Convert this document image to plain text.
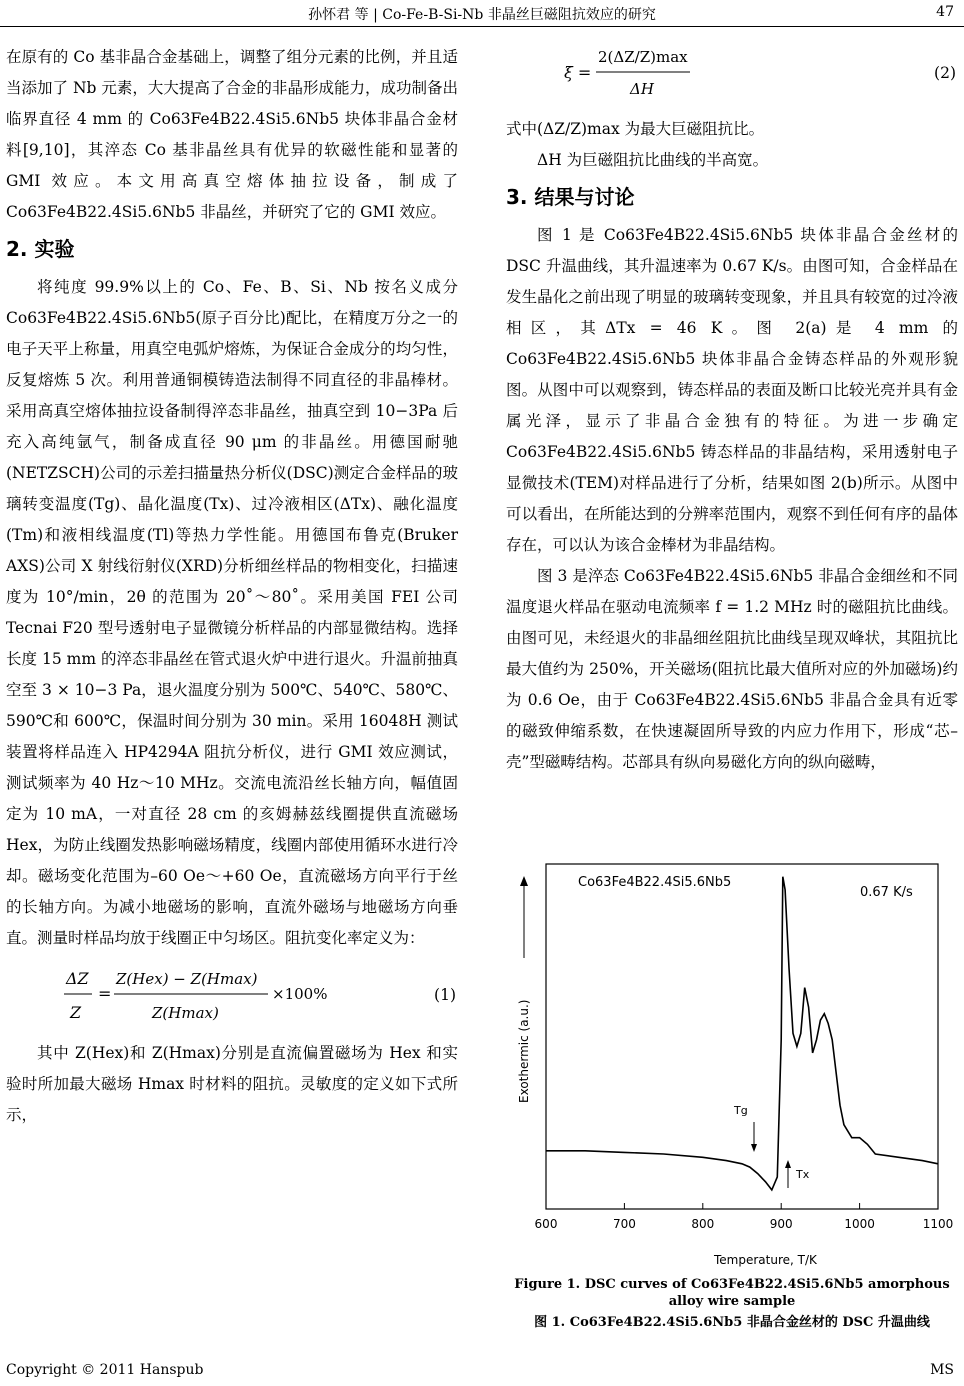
孙怀君 等 | Co-Fe-B-Si-Nb 非晶丝巨磁阻抗效应的研究	47

在原有的 Co 基非晶合金基础上，调整了组分元素的比例，并且适当添加了 Nb 元素，大大提高了合金的非晶形成能力，成功制备出临界直径 4 mm 的 Co63Fe4B22.4Si5.6Nb5 块体非晶合金材料[9,10]，其淬态 Co 基非晶丝具有优异的软磁性能和显著的 GMI 效应。本文用高真空熔体抽拉设备，制成了 Co63Fe4B22.4Si5.6Nb5 非晶丝，并研究了它的 GMI 效应。

2. 实验

将纯度 99.9%以上的 Co、Fe、B、Si、Nb 按名义成分 Co63Fe4B22.4Si5.6Nb5(原子百分比)配比，在精度万分之一的电子天平上称量，用真空电弧炉熔炼，为保证合金成分的均匀性，反复熔炼 5 次。利用普通铜模铸造法制得不同直径的非晶棒材。采用高真空熔体抽拉设备制得淬态非晶丝，抽真空到 10−3Pa 后充入高纯氩气，制备成直径 90 μm 的非晶丝。用德国耐驰(NETZSCH)公司的示差扫描量热分析仪(DSC)测定合金样品的玻璃转变温度(Tg)、晶化温度(Tx)、过冷液相区(ΔTx)、融化温度(Tm)和液相线温度(Tl)等热力学性能。用德国布鲁克(Bruker AXS)公司 X 射线衍射仪(XRD)分析细丝样品的物相变化，扫描速度为 10°/min，2θ 的范围为 20˚～80˚。采用美国 FEI 公司 Tecnai F20 型号透射电子显微镜分析样品的内部显微结构。选择长度 15 mm 的淬态非晶丝在管式退火炉中进行退火。升温前抽真空至 3 × 10−3 Pa，退火温度分别为 500℃、540℃、580℃、590℃和 600℃，保温时间分别为 30 min。采用 16048H 测试装置将样品连入 HP4294A 阻抗分析仪，进行 GMI 效应测试，测试频率为 40 Hz～10 MHz。交流电流沿丝长轴方向，幅值固定为 10 mA，一对直径 28 cm 的亥姆赫兹线圈提供直流磁场 Hex，为防止线圈发热影响磁场精度，线圈内部使用循环水进行冷却。磁场变化范围为–60 Oe～+60 Oe，直流磁场方向平行于丝的长轴方向。为减小地磁场的影响，直流外磁场与地磁场方向垂直。测量时样品均放于线圈正中匀场区。阻抗变化率定义为：

ΔZ
Z
=
Z(Hex) − Z(Hmax)
Z(Hmax)
×100%	(1)

其中 Z(Hex)和 Z(Hmax)分别是直流偏置磁场为 Hex 和实验时所加最大磁场 Hmax 时材料的阻抗。灵敏度的定义如下式所示，

ξ =
2(ΔZ/Z)max
ΔH
(2)

式中(ΔZ/Z)max 为最大巨磁阻抗比。

ΔH 为巨磁阻抗比曲线的半高宽。

3. 结果与讨论

图 1 是 Co63Fe4B22.4Si5.6Nb5 块体非晶合金丝材的 DSC 升温曲线，其升温速率为 0.67 K/s。由图可知，合金样品在发生晶化之前出现了明显的玻璃转变现象，并且具有较宽的过冷液相区，其ΔTx = 46 K。图 2(a)是 4 mm 的 Co63Fe4B22.4Si5.6Nb5 块体非晶合金铸态样品的外观形貌图。从图中可以观察到，铸态样品的表面及断口比较光亮并具有金属光泽，显示了非晶合金独有的特征。为进一步确定 Co63Fe4B22.4Si5.6Nb5 铸态样品的非晶结构，采用透射电子显微技术(TEM)对样品进行了分析，结果如图 2(b)所示。从图中可以看出，在所能达到的分辨率范围内，观察不到任何有序的晶体存在，可以认为该合金棒材为非晶结构。

图 3 是淬态 Co63Fe4B22.4Si5.6Nb5 非晶合金细丝和不同温度退火样品在驱动电流频率 f = 1.2 MHz 时的磁阻抗比曲线。由图可见，未经退火的非晶细丝阻抗比曲线呈现双峰状，其阻抗比最大值约为 250%，开关磁场(阻抗比最大值所对应的外加磁场)约为 0.6 Oe，由于 Co63Fe4B22.4Si5.6Nb5 非晶合金具有近零的磁致伸缩系数，在快速凝固所导致的内应力作用下，形成“芯–壳”型磁畴结构。芯部具有纵向易磁化方向的纵向磁畴，

600	700	800	900	1000	1100
Co63Fe4B22.4Si5.6Nb5
0.67 K/s
Exothermic (a.u.)
Temperature, T/K
Tg
Tx
Figure 1. DSC curves of Co63Fe4B22.4Si5.6Nb5 amorphous alloy wire sample
图 1. Co63Fe4B22.4Si5.6Nb5 非晶合金丝材的 DSC 升温曲线
Copyright © 2011 Hanspub	MS
